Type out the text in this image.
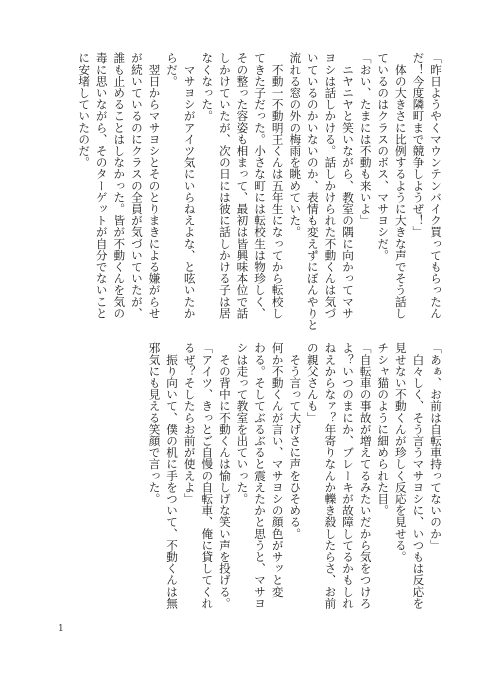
「昨日ようやくマウンテンバイク買ってもらったん

だ！今度隣町まで競争しようぜ！」

　体の大きさに比例するように大きな声でそう話し

ているのはクラスのボス、マサヨシだ。

「おい、たまには不動も来いよ」

　ニヤニヤと笑いながら、教室の隅に向かってマサ

ヨシは話しかける。話しかけられた不動くんは気づ

いているのかいないのか、表情も変えずにぼんやりと

流れる窓の外の梅雨を眺めていた。

　不動一不動明王くんは五年生になってから転校し

てきた子だった。小さな町には転校生は物珍しく、

その整った容姿も相まって、最初は皆興味本位で話

しかけていたが、次の日には彼に話しかける子は居

なくなった。

　マサヨシがアイツ気にいらねえよな、と呟いたか

らだ。

　翌日からマサヨシとそのとりまきによる嫌がらせ

が続いているのにクラスの全員が気づいていたが、

誰も止めることはしなかった。皆が不動くんを気の

毒に思いながら、そのターゲットが自分でないこと

に安堵していたのだ。

「あぁ、お前は自転車持ってないのか」

　白々しく、そう言うマサヨシに、いつもは反応を

見せない不動くんが珍しく反応を見せる。

チシャ猫のように細められた目。

「自転車の事故が増えてるみたいだから気をつけろ

よ？いつのまにか、ブレーキが故障してるかもしれ

ねえからなァ？年寄りなんか轢き殺したらさ、お前

の親父さんも」

　そう言って大げさに声をひそめる。

何か不動くんが言い、マサヨシの顔色がサッと変

わる。そしてぶるぶると震えたかと思うと、マサヨ

シは走って教室を出ていった。

　その背中に不動くんは愉しげな笑い声を投げる。

「アイツ、きっとご自慢の自転車、俺に貸してくれ

るぜ？そしたらお前が使えよ」

　振り向いて、僕の机に手をついて、不動くんは無

邪気にも見える笑顔で言った。

1
